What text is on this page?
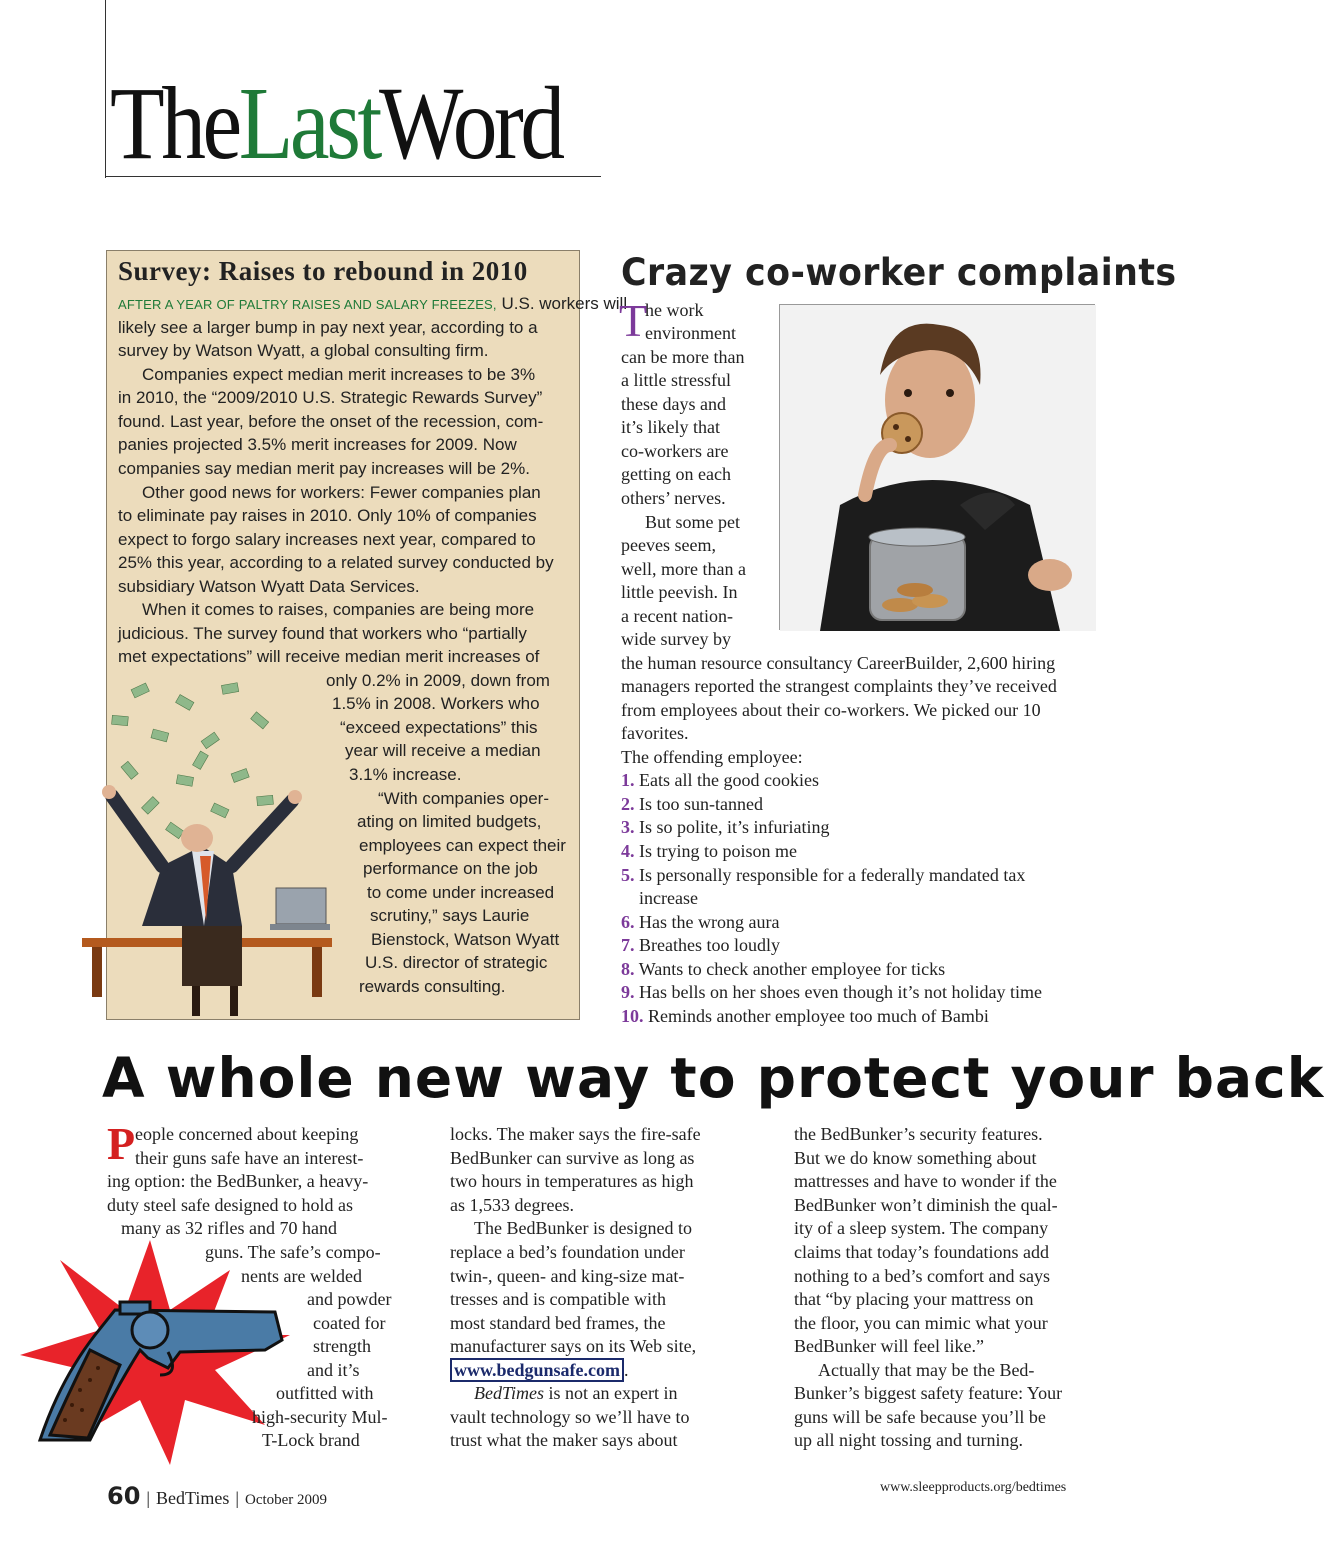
TheLastWord
Survey: Raises to rebound in 2010
AFTER A YEAR OF PALTRY RAISES AND SALARY FREEZES, U.S. workers will
likely see a larger bump in pay next year, according to a
survey by Watson Wyatt, a global consulting firm.
Companies expect median merit increases to be 3%
in 2010, the “2009/2010 U.S. Strategic Rewards Survey”
found. Last year, before the onset of the recession, com-
panies projected 3.5% merit increases for 2009. Now
companies say median merit pay increases will be 2%.
Other good news for workers: Fewer companies plan
to eliminate pay raises in 2010. Only 10% of companies
expect to forgo salary increases next year, compared to
25% this year, according to a related survey conducted by
subsidiary Watson Wyatt Data Services.
When it comes to raises, companies are being more
judicious. The survey found that workers who “partially
met expectations” will receive median merit increases of
only 0.2% in 2009, down from
1.5% in 2008. Workers who
“exceed expectations” this
year will receive a median
3.1% increase.
“With companies oper-
ating on limited budgets,
employees can expect their
performance on the job
to come under increased
scrutiny,” says Laurie
Bienstock, Watson Wyatt
U.S. director of strategic
rewards consulting.
Crazy co-worker complaints
T
he work
environment
can be more than
a little stressful
these days and
it’s likely that
co-workers are
getting on each
others’ nerves.
But some pet
peeves seem,
well, more than a
little peevish. In
a recent nation-
wide survey by
the human resource consultancy CareerBuilder, 2,600 hiring
managers reported the strangest complaints they’ve received
from employees about their co-workers. We picked our 10
favorites.
The offending employee:
1. Eats all the good cookies
2. Is too sun-tanned
3. Is so polite, it’s infuriating
4. Is trying to poison me
5. Is personally responsible for a federally mandated tax
increase
6. Has the wrong aura
7. Breathes too loudly
8. Wants to check another employee for ticks
9. Has bells on her shoes even though it’s not holiday time
10. Reminds another employee too much of Bambi
A whole new way to protect your back
P eople concerned about keeping
their guns safe have an interest-
ing option: the BedBunker, a heavy-
duty steel safe designed to hold as
many as 32 rifles and 70 hand
guns. The safe’s compo-
nents are welded
and powder
coated for
strength
and it’s
outfitted with
high-security Mul-
T-Lock brand
locks. The maker says the fire-safe
BedBunker can survive as long as
two hours in temperatures as high
as 1,533 degrees.
The BedBunker is designed to
replace a bed’s foundation under
twin-, queen- and king-size mat-
tresses and is compatible with
most standard bed frames, the
manufacturer says on its Web site,
www.bedgunsafe.com .
BedTimes is not an expert in
vault technology so we’ll have to
trust what the maker says about
the BedBunker’s security features.
But we do know something about
mattresses and have to wonder if the
BedBunker won’t diminish the qual-
ity of a sleep system. The company
claims that today’s foundations add
nothing to a bed’s comfort and says
that “by placing your mattress on
the floor, you can mimic what your
BedBunker will feel like.”
Actually that may be the Bed-
Bunker’s biggest safety feature: Your
guns will be safe because you’ll be
up all night tossing and turning.
60 | BedTimes | October 2009
www.sleepproducts.org/bedtimes
